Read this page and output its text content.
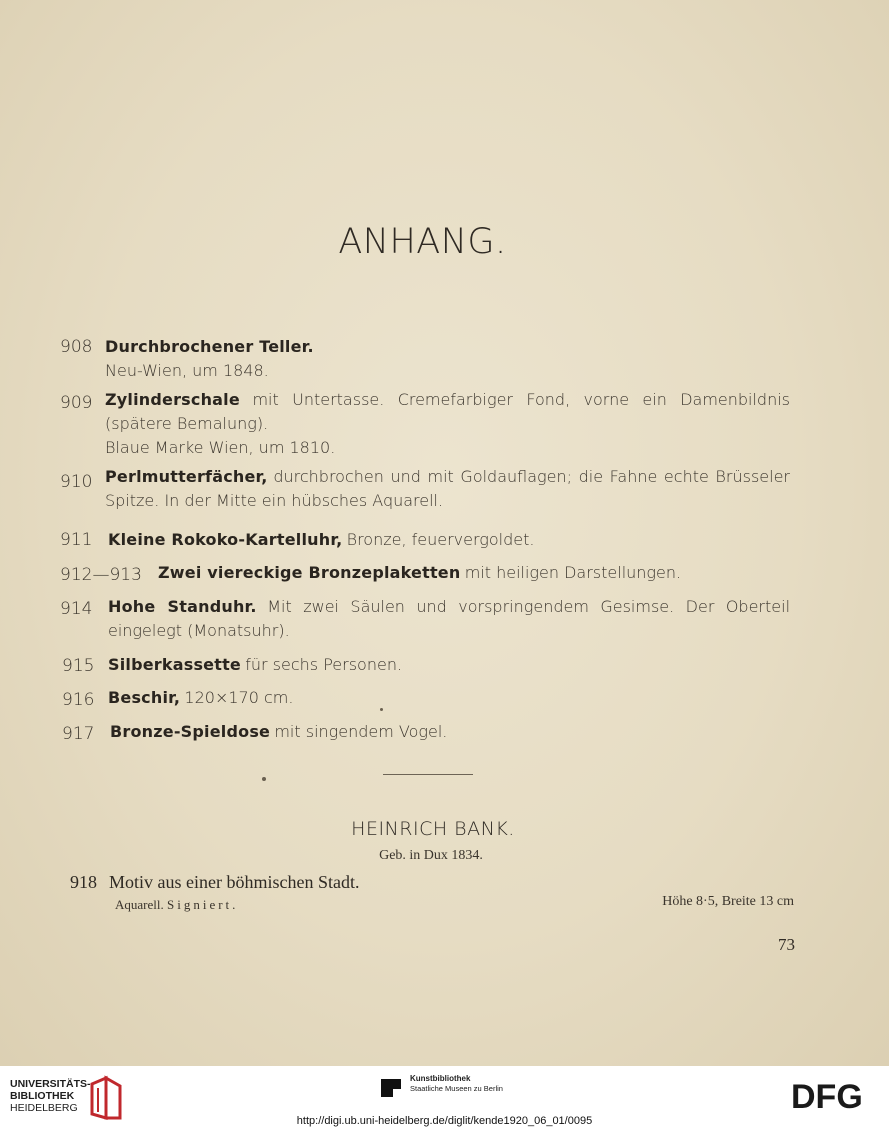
ANHANG.
908 Durchbrochener Teller.
Neu-Wien, um 1848.
909 Zylinderschale mit Untertasse. Cremefarbiger Fond, vorne ein Damenbildnis
(spätere Bemalung).
Blaue Marke Wien, um 1810.
910 Perlmutterfächer, durchbrochen und mit Goldauflagen; die Fahne echte Brüsseler
Spitze. In der Mitte ein hübsches Aquarell.
911 Kleine Rokoko-Kartelluhr, Bronze, feuervergoldet.
912—913 Zwei viereckige Bronzeplaketten mit heiligen Darstellungen.
914 Hohe Standuhr. Mit zwei Säulen und vorspringendem Gesimse. Der Oberteil
eingelegt (Monatsuhr).
915 Silberkassette für sechs Personen.
916 Beschir, 120×170 cm.
917 Bronze-Spieldose mit singendem Vogel.
HEINRICH BANK.
Geb. in Dux 1834.
918 Motiv aus einer böhmischen Stadt.
Aquarell. Signiert.	Höhe 8·5, Breite 13 cm
73
UNIVERSITÄTS-
BIBLIOTHEK
HEIDELBERG
Kunstbibliothek
Staatliche Museen zu Berlin	DFG
http://digi.ub.uni-heidelberg.de/diglit/kende1920_06_01/0095
